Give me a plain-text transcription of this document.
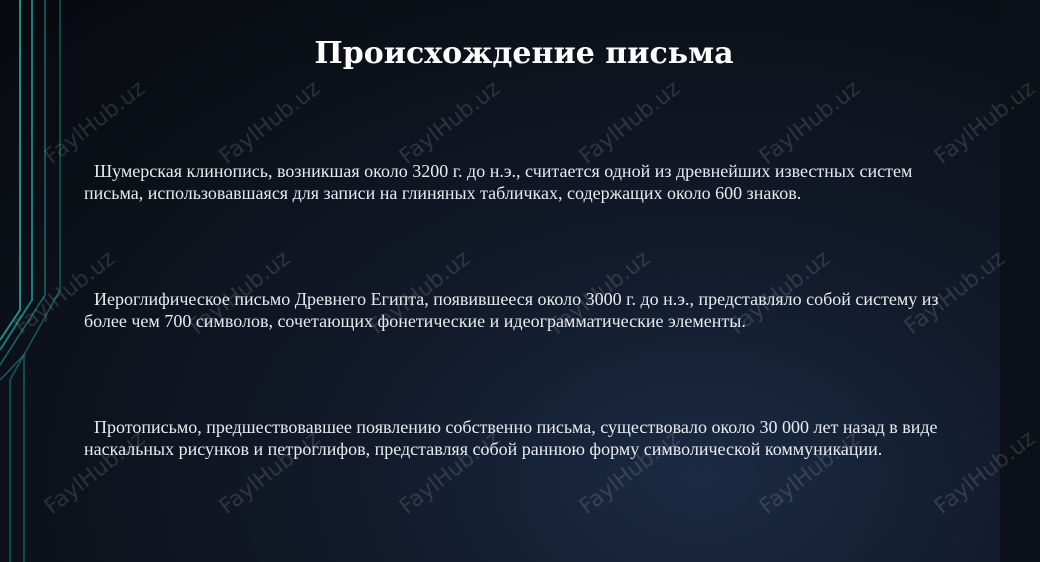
Происхождение письма

Шумерская клинопись, возникшая около 3200 г. до н.э., считается одной из древнейших известных систем письма, использовавшаяся для записи на глиняных табличках, содержащих около 600 знаков.

Иероглифическое письмо Древнего Египта, появившееся около 3000 г. до н.э., представляло собой систему из более чем 700 символов, сочетающих фонетические и идеограмматические элементы.

Протописьмо, предшествовавшее появлению собственно письма, существовало около 30 000 лет назад в виде наскальных рисунков и петроглифов, представляя собой раннюю форму символической коммуникации.

FaylHub.uz	FaylHub.uz	FaylHub.uz	FaylHub.uz	FaylHub.uz	FaylHub.uz
FaylHub.uz	FaylHub.uz	FaylHub.uz	FaylHub.uz	FaylHub.uz	FaylHub.uz
FaylHub.uz	FaylHub.uz	FaylHub.uz	FaylHub.uz	FaylHub.uz	FaylHub.uz
